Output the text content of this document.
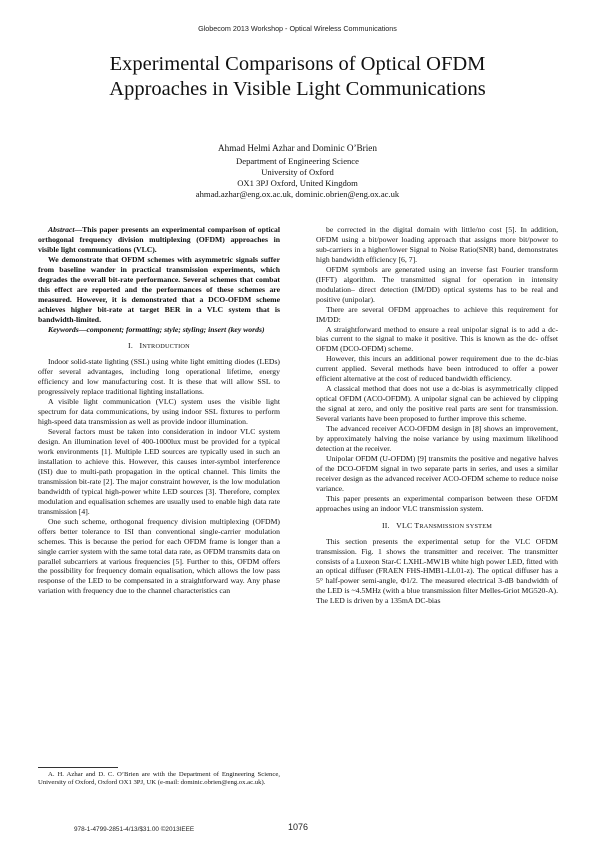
Globecom 2013 Workshop - Optical Wireless Communications
Experimental Comparisons of Optical OFDM
Approaches in Visible Light Communications
Ahmad Helmi Azhar and Dominic O’Brien
Department of Engineering Science
University of Oxford
OX1 3PJ Oxford, United Kingdom
ahmad.azhar@eng.ox.ac.uk, dominic.obrien@eng.ox.ac.uk

Abstract—This paper presents an experimental comparison of optical orthogonal frequency division multiplexing (OFDM) approaches in visible light communications (VLC).

We demonstrate that OFDM schemes with asymmetric signals suffer from baseline wander in practical transmission experiments, which degrades the overall bit-rate performance. Several schemes that combat this effect are reported and the performances of these schemes are measured. However, it is demonstrated that a DCO-OFDM scheme achieves higher bit-rate at target BER in a VLC system that is bandwidth-limited.

Keywords—component; formatting; style; styling; insert (key words)

I. INTRODUCTION

Indoor solid-state lighting (SSL) using white light emitting diodes (LEDs) offer several advantages, including long operational lifetime, energy efficiency and low manufacturing cost. It is these that will allow SSL to progressively replace traditional lighting installations.

A visible light communication (VLC) system uses the visible light spectrum for data communications, by using indoor SSL fixtures to perform high-speed data transmission as well as provide indoor illumination.

Several factors must be taken into consideration in indoor VLC system design. An illumination level of 400-1000lux must be provided for a typical work environments [1]. Multiple LED sources are typically used in such an installation to achieve this. However, this causes inter-symbol interference (ISI) due to multi-path propagation in the optical channel. This limits the transmission bit-rate [2]. The major constraint however, is the low modulation bandwidth of typical high-power white LED sources [3]. Therefore, complex modulation and equalisation schemes are usually used to enable high data rate transmission [4].

One such scheme, orthogonal frequency division multiplexing (OFDM) offers better tolerance to ISI than conventional single-carrier modulation schemes. This is because the period for each OFDM frame is longer than a single carrier system with the same total data rate, as OFDM transmits data on parallel subcarriers at various frequencies [5]. Further to this, OFDM offers the possibility for frequency domain equalisation, which allows the low pass response of the LED to be compensated in a straightforward way. Any phase variation with frequency due to the channel characteristics can

be corrected in the digital domain with little/no cost [5]. In addition, OFDM using a bit/power loading approach that assigns more bit/power to sub-carriers in a higher/lower Signal to Noise Ratio(SNR) band, demonstrates high bandwidth efficiency [6, 7].

OFDM symbols are generated using an inverse fast Fourier transform (IFFT) algorithm. The transmitted signal for operation in intensity modulation– direct detection (IM/DD) optical systems has to be real and positive (unipolar).

There are several OFDM approaches to achieve this requirement for IM/DD:

A straightforward method to ensure a real unipolar signal is to add a dc-bias current to the signal to make it positive. This is known as the dc- offset OFDM (DCO-OFDM) scheme.

However, this incurs an additional power requirement due to the dc-bias current applied. Several methods have been introduced to offer a power efficient alternative at the cost of reduced bandwidth efficiency.

A classical method that does not use a dc-bias is asymmetrically clipped optical OFDM (ACO-OFDM). A unipolar signal can be achieved by clipping the signal at zero, and only the positive real parts are sent for transmission. Several variants have been proposed to further improve this scheme.

The advanced receiver ACO-OFDM design in [8] shows an improvement, by approximately halving the noise variance by using maximum likelihood detection at the receiver.

Unipolar OFDM (U-OFDM) [9] transmits the positive and negative halves of the DCO-OFDM signal in two separate parts in series, and uses a similar receiver design as the advanced receiver ACO-OFDM scheme to reduce noise variance.

This paper presents an experimental comparison between these OFDM approaches using an indoor VLC transmission system.

II. VLC TRANSMISSION SYSTEM

This section presents the experimental setup for the VLC OFDM transmission. Fig. 1 shows the transmitter and receiver. The transmitter consists of a Luxeon Star-C LXHL-MW1B white high power LED, fitted with an optical diffuser (FRAEN FHS-HMB1-LL01-z). The optical diffuser has a 5° half-power semi-angle, Φ1/2. The measured electrical 3-dB bandwidth of the LED is ~4.5MHz (with a blue transmission filter Melles-Griot MG520-A). The LED is driven by a 135mA DC-bias

A. H. Azhar and D. C. O’Brien are with the Department of Engineering Science, University of Oxford, Oxford OX1 3PJ, UK (e-mail: dominic.obrien@eng.ox.ac.uk).
978-1-4799-2851-4/13/$31.00 ©2013IEEE	1076
